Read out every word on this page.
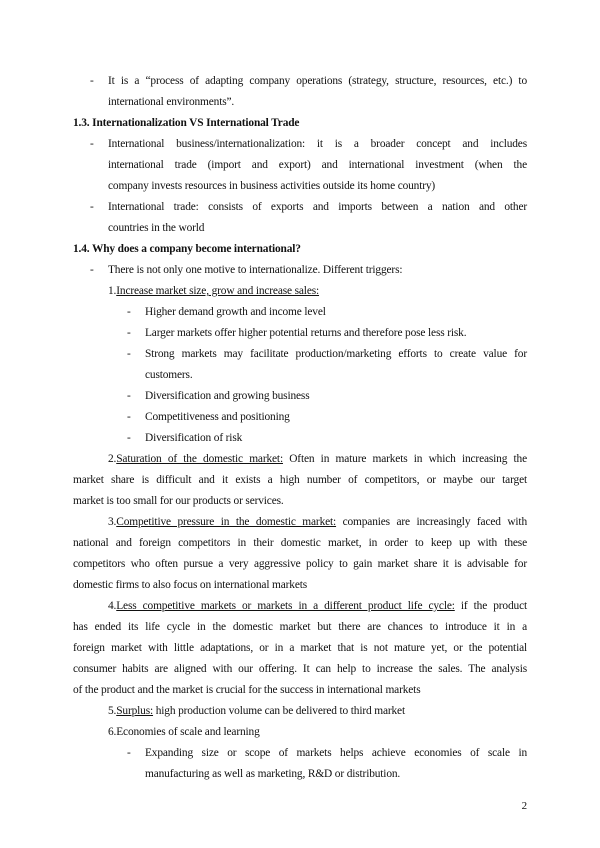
- It is a “process of adapting company operations (strategy, structure, resources, etc.) to
international environments”.
1.3. Internationalization VS International Trade
- International business/internationalization: it is a broader concept and includes
international trade (import and export) and international investment (when the
company invests resources in business activities outside its home country)
- International trade: consists of exports and imports between a nation and other
countries in the world
1.4. Why does a company become international?
- There is not only one motive to internationalize. Different triggers:
1.Increase market size, grow and increase sales:
- Higher demand growth and income level
- Larger markets offer higher potential returns and therefore pose less risk.
- Strong markets may facilitate production/marketing efforts to create value for
customers.
- Diversification and growing business
- Competitiveness and positioning
- Diversification of risk
2.Saturation of the domestic market: Often in mature markets in which increasing the
market share is difficult and it exists a high number of competitors, or maybe our target
market is too small for our products or services.
3.Competitive pressure in the domestic market: companies are increasingly faced with
national and foreign competitors in their domestic market, in order to keep up with these
competitors who often pursue a very aggressive policy to gain market share it is advisable for
domestic firms to also focus on international markets
4.Less competitive markets or markets in a different product life cycle: if the product
has ended its life cycle in the domestic market but there are chances to introduce it in a
foreign market with little adaptations, or in a market that is not mature yet, or the potential
consumer habits are aligned with our offering. It can help to increase the sales. The analysis
of the product and the market is crucial for the success in international markets
5.Surplus: high production volume can be delivered to third market
6.Economies of scale and learning
- Expanding size or scope of markets helps achieve economies of scale in
manufacturing as well as marketing, R&D or distribution.
2
